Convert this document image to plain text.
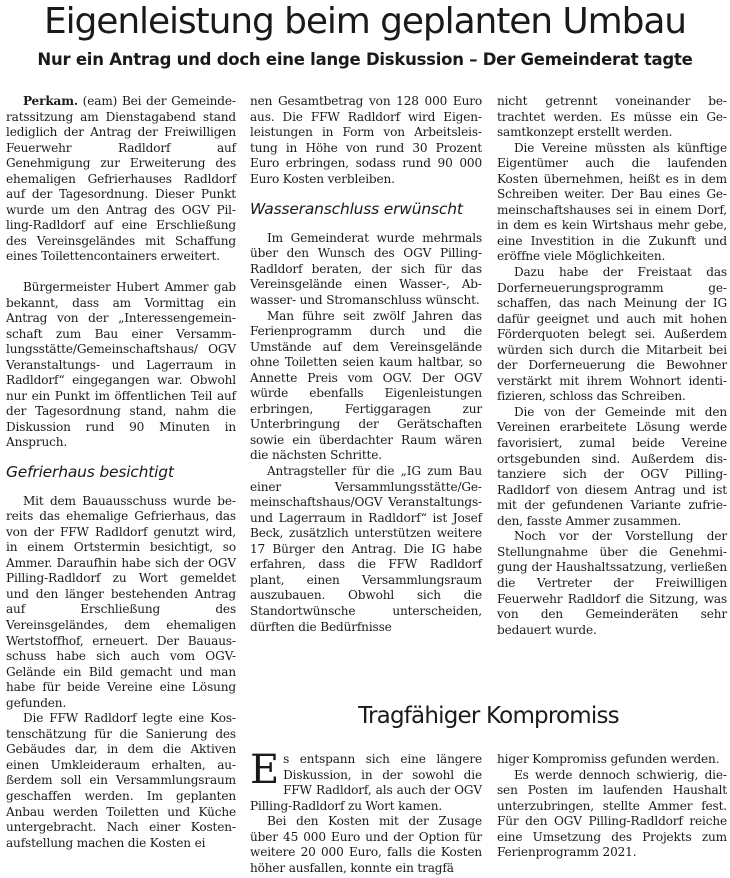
Eigenleistung beim geplanten Umbau
Nur ein Antrag und doch eine lange Diskussion – Der Gemeinderat tagte

Perkam. (eam) Bei der Gemeinderatssitzung am Dienstagabend stand lediglich der Antrag der Freiwilligen Feuerwehr Radldorf auf Genehmigung zur Erweiterung des ehemaligen Gefrierhauses Radldorf auf der Tagesordnung. Dieser Punkt wurde um den Antrag des OGV Pilling-Radldorf auf eine Erschließung des Vereinsgeländes mit Schaffung eines Toilettencontainers erweitert.

Bürgermeister Hubert Ammer gab bekannt, dass am Vormittag ein Antrag von der „Interessengemeinschaft zum Bau einer Versammlungsstätte/Gemeinschaftshaus/ OGV Veranstaltungs- und Lagerraum in Radldorf“ eingegangen war. Obwohl nur ein Punkt im öffentlichen Teil auf der Tagesordnung stand, nahm die Diskussion rund 90 Minuten in Anspruch.

Gefrierhaus besichtigt

Mit dem Bauausschuss wurde bereits das ehemalige Gefrierhaus, das von der FFW Radldorf genutzt wird, in einem Ortstermin besichtigt, so Ammer. Daraufhin habe sich der OGV Pilling-Radldorf zu Wort gemeldet und den länger bestehenden Antrag auf Erschließung des Vereinsgeländes, dem ehemaligen Wertstoffhof, erneuert. Der Bauausschuss habe sich auch vom OGV-Gelände ein Bild gemacht und man habe für beide Vereine eine Lösung gefunden.

Die FFW Radldorf legte eine Kostenschätzung für die Sanierung des Gebäudes dar, in dem die Aktiven einen Umkleideraum erhalten, außerdem soll ein Versammlungsraum geschaffen werden. Im geplanten Anbau werden Toiletten und Küche untergebracht. Nach einer Kostenaufstellung machen die Kosten ei

nen Gesamtbetrag von 128 000 Euro aus. Die FFW Radldorf wird Eigenleistungen in Form von Arbeitsleistung in Höhe von rund 30 Prozent Euro erbringen, sodass rund 90 000 Euro Kosten verbleiben.

Wasseranschluss erwünscht

Im Gemeinderat wurde mehrmals über den Wunsch des OGV Pilling-Radldorf beraten, der sich für das Vereinsgelände einen Wasser-, Abwasser- und Stromanschluss wünscht.

Man führe seit zwölf Jahren das Ferienprogramm durch und die Umstände auf dem Vereinsgelände ohne Toiletten seien kaum haltbar, so Annette Preis vom OGV. Der OGV würde ebenfalls Eigenleistungen erbringen, Fertiggaragen zur Unterbringung der Gerätschaften sowie ein überdachter Raum wären die nächsten Schritte.

Antragsteller für die „IG zum Bau einer Versammlungsstätte/Gemeinschaftshaus/OGV Veranstaltungs- und Lagerraum in Radldorf“ ist Josef Beck, zusätzlich unterstützen weitere 17 Bürger den Antrag. Die IG habe erfahren, dass die FFW Radldorf plant, einen Versammlungsraum auszubauen. Obwohl sich die Standortwünsche unterscheiden, dürften die Bedürfnisse

nicht getrennt voneinander betrachtet werden. Es müsse ein Gesamtkonzept erstellt werden.

Die Vereine müssten als künftige Eigentümer auch die laufenden Kosten übernehmen, heißt es in dem Schreiben weiter. Der Bau eines Gemeinschaftshauses sei in einem Dorf, in dem es kein Wirtshaus mehr gebe, eine Investition in die Zukunft und eröffne viele Möglichkeiten.

Dazu habe der Freistaat das Dorferneuerungsprogramm geschaffen, das nach Meinung der IG dafür geeignet und auch mit hohen Förderquoten belegt sei. Außerdem würden sich durch die Mitarbeit bei der Dorferneuerung die Bewohner verstärkt mit ihrem Wohnort identifizieren, schloss das Schreiben.

Die von der Gemeinde mit den Vereinen erarbeitete Lösung werde favorisiert, zumal beide Vereine ortsgebunden sind. Außerdem distanziere sich der OGV Pilling-Radldorf von diesem Antrag und ist mit der gefundenen Variante zufrieden, fasste Ammer zusammen.

Noch vor der Vorstellung der Stellungnahme über die Genehmigung der Haushaltssatzung, verließen die Vertreter der Freiwilligen Feuerwehr Radldorf die Sitzung, was von den Gemeinderäten sehr bedauert wurde.

Tragfähiger Kompromiss

Es entspann sich eine längere Diskussion, in der sowohl die FFW Radldorf, als auch der OGV Pilling-Radldorf zu Wort kamen.

Bei den Kosten mit der Zusage über 45 000 Euro und der Option für weitere 20 000 Euro, falls die Kosten höher ausfallen, konnte ein tragfä

higer Kompromiss gefunden werden.

Es werde dennoch schwierig, diesen Posten im laufenden Haushalt unterzubringen, stellte Ammer fest. Für den OGV Pilling-Radldorf reiche eine Umsetzung des Projekts zum Ferienprogramm 2021.
